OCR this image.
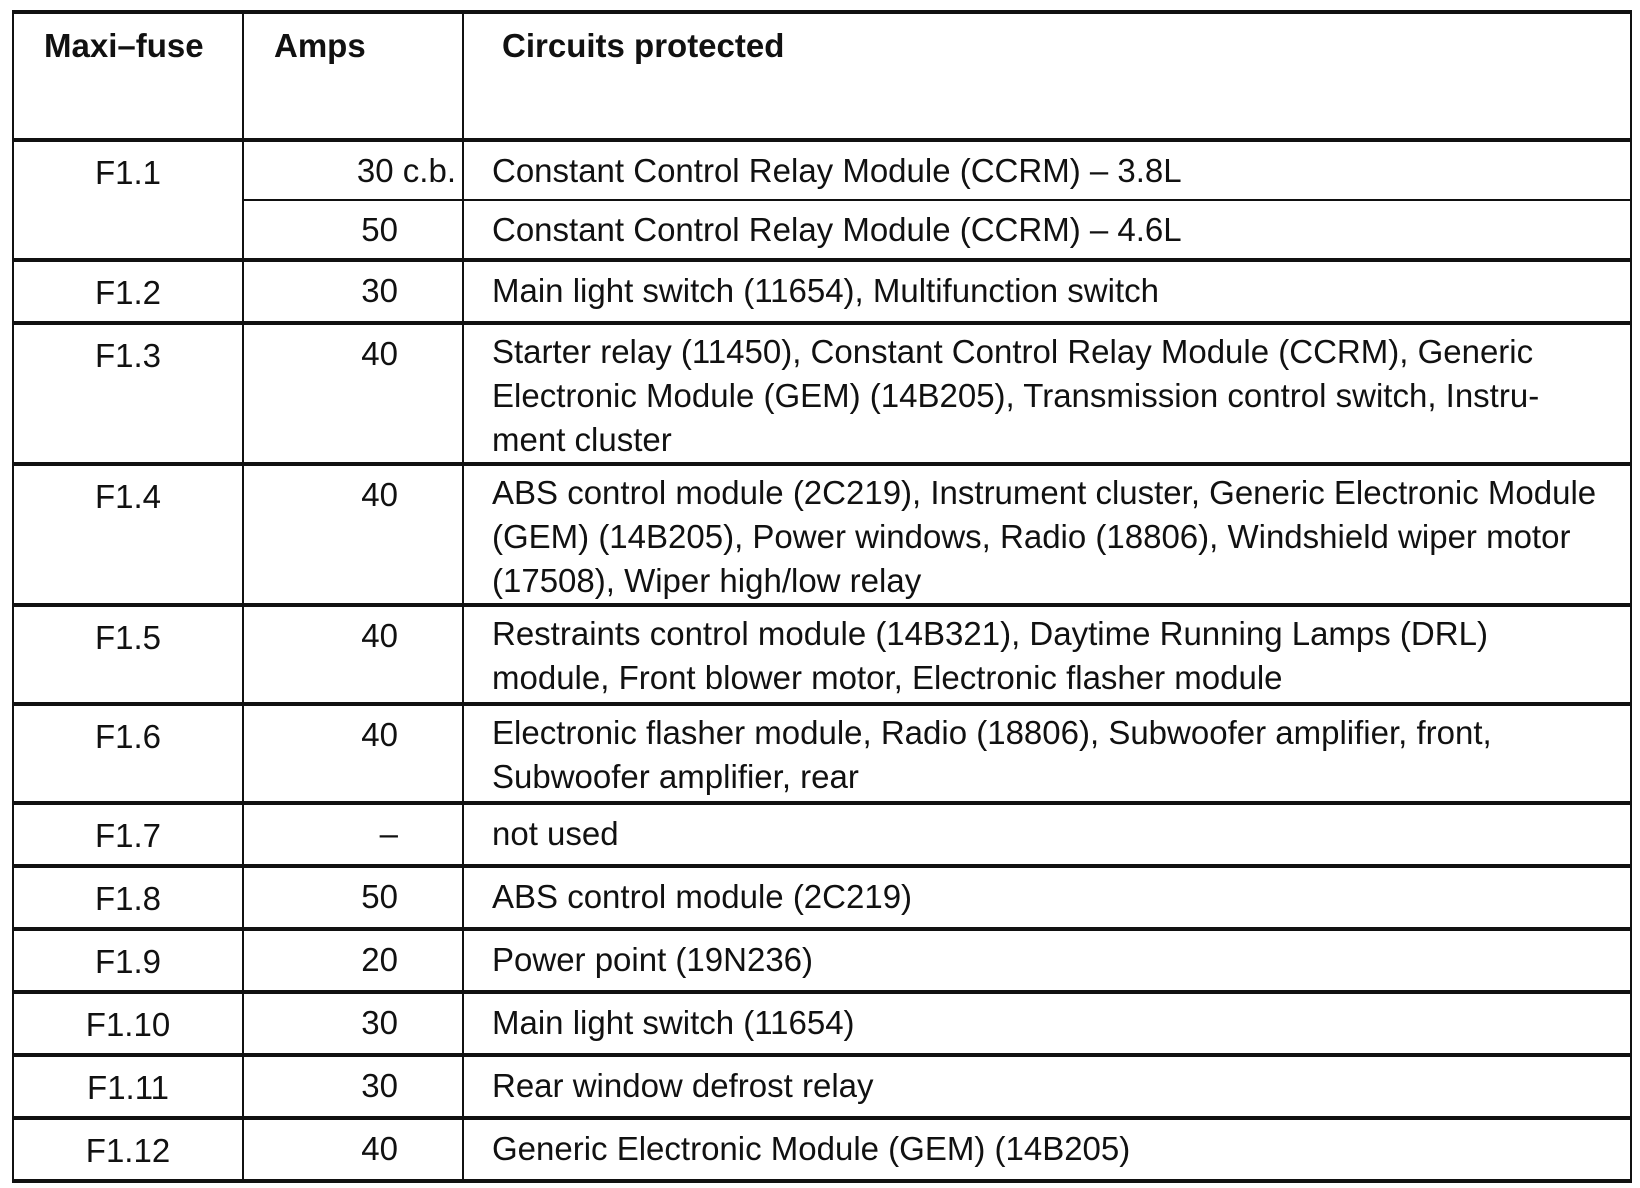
Maxi–fuse	Amps	Circuits protected
F1.1	30 c.b.	Constant Control Relay Module (CCRM) – 3.8L
	50	Constant Control Relay Module (CCRM) – 4.6L
F1.2	30	Main light switch (11654), Multifunction switch
F1.3	40	Starter relay (11450), Constant Control Relay Module (CCRM), Generic Electronic Module (GEM) (14B205), Transmission control switch, Instru-ment cluster
F1.4	40	ABS control module (2C219), Instrument cluster, Generic Electronic Module (GEM) (14B205), Power windows, Radio (18806), Windshield wiper motor (17508), Wiper high/low relay
F1.5	40	Restraints control module (14B321), Daytime Running Lamps (DRL) module, Front blower motor, Electronic flasher module
F1.6	40	Electronic flasher module, Radio (18806), Subwoofer amplifier, front, Subwoofer amplifier, rear
F1.7	–	not used
F1.8	50	ABS control module (2C219)
F1.9	20	Power point (19N236)
F1.10	30	Main light switch (11654)
F1.11	30	Rear window defrost relay
F1.12	40	Generic Electronic Module (GEM) (14B205)
